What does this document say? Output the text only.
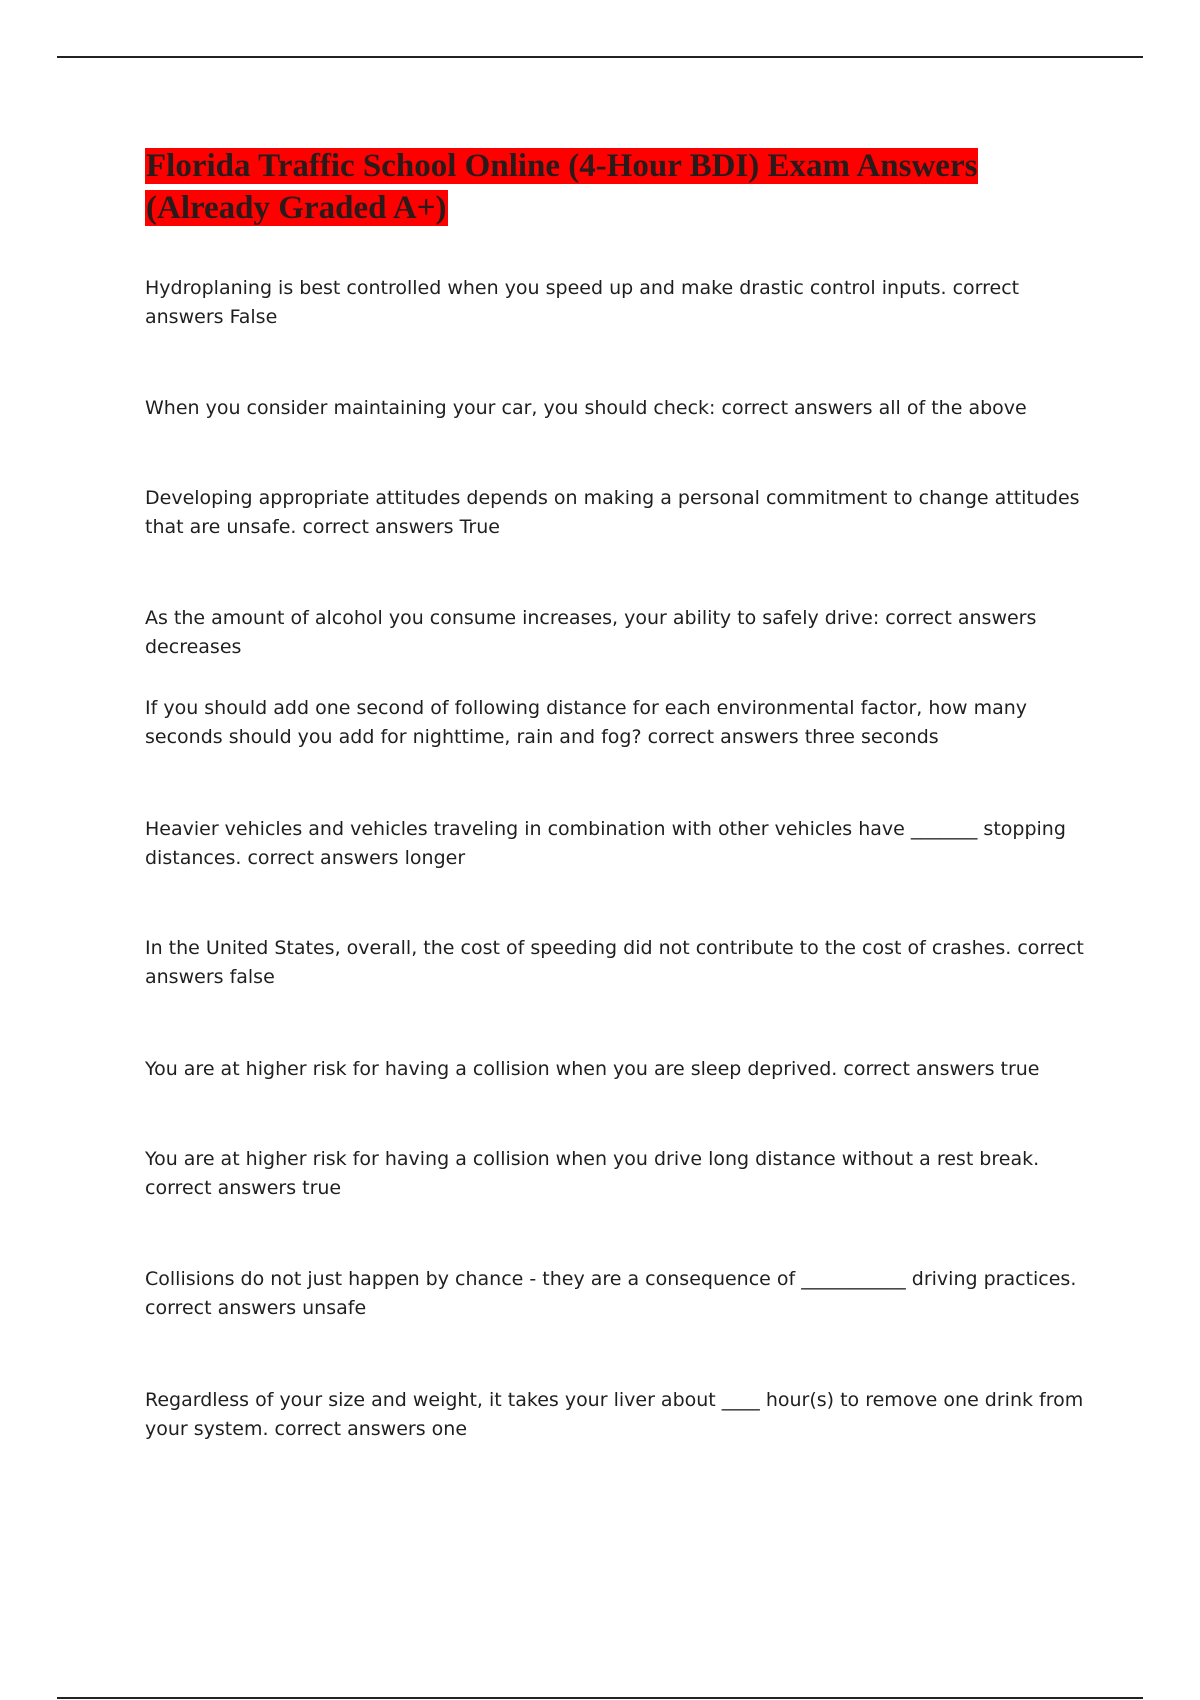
Florida Traffic School Online (4-Hour BDI) Exam Answers
(Already Graded A+)
Hydroplaning is best controlled when you speed up and make drastic control inputs. correct answers False
When you consider maintaining your car, you should check: correct answers all of the above
Developing appropriate attitudes depends on making a personal commitment to change attitudes that are unsafe. correct answers True
As the amount of alcohol you consume increases, your ability to safely drive: correct answers decreases
If you should add one second of following distance for each environmental factor, how many seconds should you add for nighttime, rain and fog? correct answers three seconds
Heavier vehicles and vehicles traveling in combination with other vehicles have _______ stopping distances. correct answers longer
In the United States, overall, the cost of speeding did not contribute to the cost of crashes. correct answers false
You are at higher risk for having a collision when you are sleep deprived. correct answers true
You are at higher risk for having a collision when you drive long distance without a rest break. correct answers true
Collisions do not just happen by chance - they are a consequence of ___________ driving practices. correct answers unsafe
Regardless of your size and weight, it takes your liver about ____ hour(s) to remove one drink from your system. correct answers one
